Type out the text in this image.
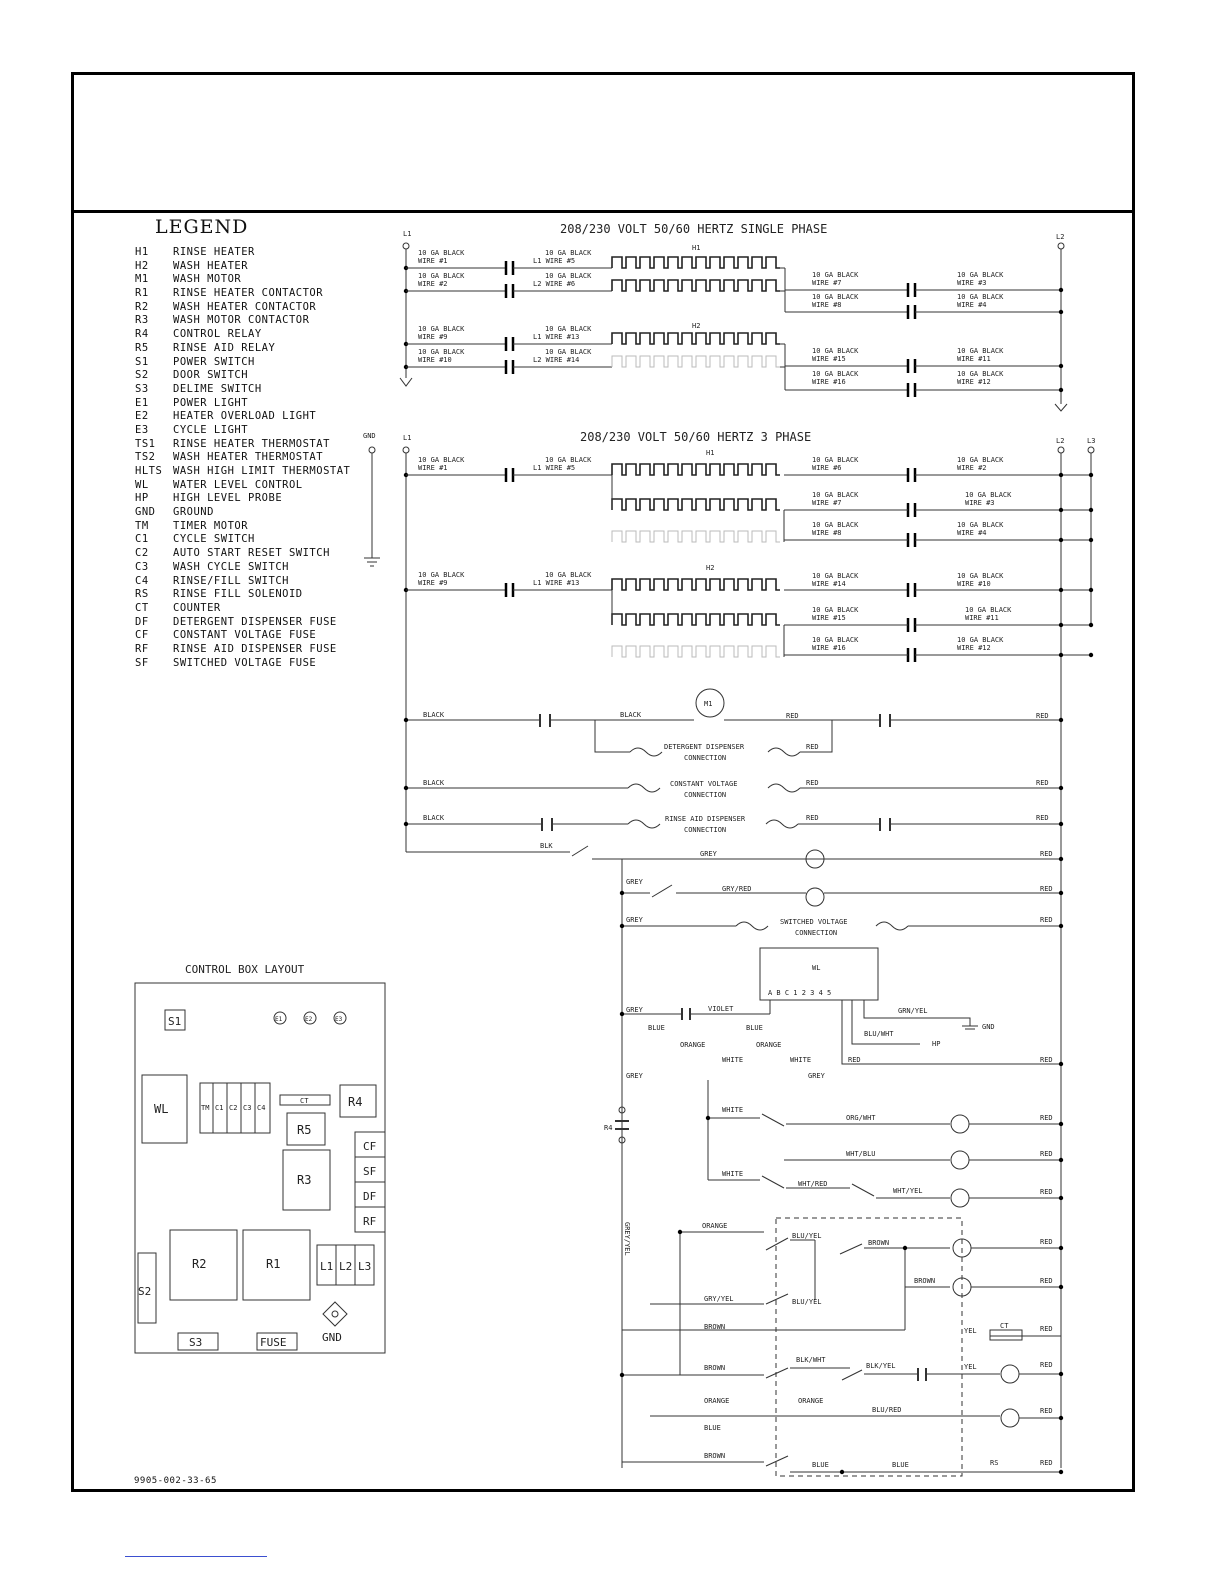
LEGEND
H1 RINSE HEATER
H2 WASH HEATER
M1 WASH MOTOR
R1 RINSE HEATER CONTACTOR
R2 WASH HEATER CONTACTOR
R3 WASH MOTOR CONTACTOR
R4 CONTROL RELAY
R5 RINSE AID RELAY
S1 POWER SWITCH
S2 DOOR SWITCH
S3 DELIME SWITCH
E1 POWER LIGHT
E2 HEATER OVERLOAD LIGHT
E3 CYCLE LIGHT
TS1 RINSE HEATER THERMOSTAT
TS2 WASH HEATER THERMOSTAT
HLTS WASH HIGH LIMIT THERMOSTAT
WL WATER LEVEL CONTROL
HP HIGH LEVEL PROBE
GND GROUND
TM TIMER MOTOR
C1 CYCLE SWITCH
C2 AUTO START RESET SWITCH
C3 WASH CYCLE SWITCH
C4 RINSE/FILL SWITCH
RS RINSE FILL SOLENOID
CT COUNTER
DF DETERGENT DISPENSER FUSE
CF CONSTANT VOLTAGE FUSE
RF RINSE AID DISPENSER FUSE
SF SWITCHED VOLTAGE FUSE
9905-002-33-65
CONTROL BOX LAYOUT
S1	E1	E2	E3
WL	TM C1 C2 C3 C4
CT	R4
R5
R3
CF
SF
DF
RF
S2
R2	R1	L1 L2 L3
S3	FUSE	GND
208/230 VOLT 50/60 HERTZ SINGLE PHASE
L1	L2
H1
H2
10 GA BLACK
WIRE #1
10 GA BLACK
WIRE #2
10 GA BLACK
WIRE #9
10 GA BLACK
WIRE #10
10 GA BLACK
L1 WIRE #5
10 GA BLACK
L2 WIRE #6
10 GA BLACK
L1 WIRE #13
10 GA BLACK
L2 WIRE #14
10 GA BLACK
WIRE #7
10 GA BLACK
WIRE #8
10 GA BLACK
WIRE #15
10 GA BLACK
WIRE #16
10 GA BLACK
WIRE #3
10 GA BLACK
WIRE #4
10 GA BLACK
WIRE #11
10 GA BLACK
WIRE #12
208/230 VOLT 50/60 HERTZ 3 PHASE
L1	L2	L3
GND
H1
H2
10 GA BLACK
WIRE #1
10 GA BLACK
WIRE #9
10 GA BLACK
L1 WIRE #5
10 GA BLACK
L1 WIRE #13
10 GA BLACK
WIRE #6
10 GA BLACK
WIRE #7
10 GA BLACK
WIRE #8
10 GA BLACK
WIRE #14
10 GA BLACK
WIRE #15
10 GA BLACK
WIRE #16
10 GA BLACK
WIRE #2
10 GA BLACK
WIRE #3
10 GA BLACK
WIRE #4
10 GA BLACK
WIRE #10
10 GA BLACK
WIRE #11
10 GA BLACK
WIRE #12
M1
BLACK	BLACK	RED	RED
DETERGENT DISPENSER
CONNECTION
RED
BLACK	CONSTANT VOLTAGE
CONNECTION
RED	RED
BLACK	RINSE AID DISPENSER
CONNECTION
RED	RED
BLK
GREY	RED
GREY
GRY/RED	RED
GREY	SWITCHED VOLTAGE
CONNECTION
RED
WL
A B C 1 2 3 4 5
GREY	VIOLET
BLUE	BLUE
ORANGE	ORANGE
WHITE	WHITE
GREY
GREY
GRN/YEL
GND
BLU/WHT
HP
RED	RED
R4
GREY/YEL
WHITE
ORG/WHT	RED
WHT/BLU	RED
WHITE
WHT/RED
WHT/YEL	RED
ORANGE
BLU/YEL
BROWN	RED
BROWN	RED
GRY/YEL	BLU/YEL
BROWN	CT
YEL	RED
BROWN
BLK/WHT
BLK/YEL	YEL	RED
ORANGE	ORANGE
BLU/RED
BLUE
RED
BROWN
BLUE	BLUE	RS	RED
